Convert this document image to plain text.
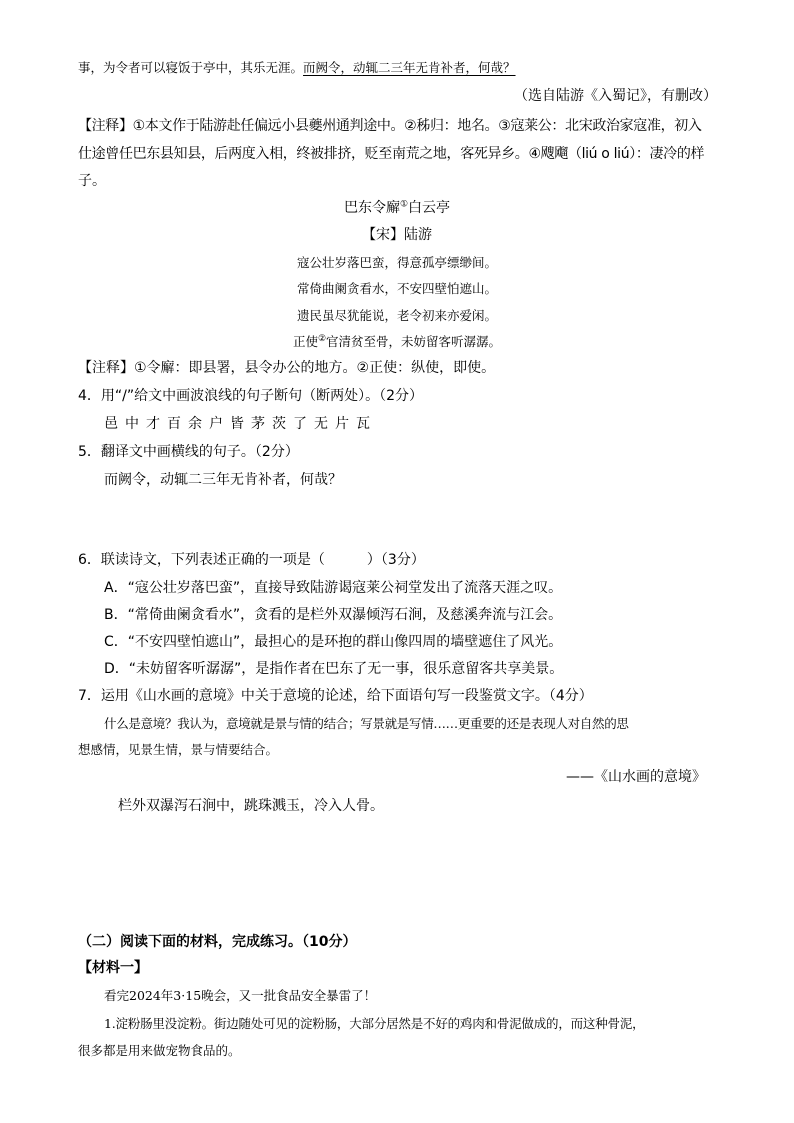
事，为令者可以寝饭于亭中，其乐无涯。而阙令，动辄二三年无肯补者，何哉？
（选自陆游《入蜀记》，有删改）
【注释】①本文作于陆游赴任偏远小县夔州通判途中。②秭归：地名。③寇莱公：北宋政治家寇准，初入
仕途曾任巴东县知县，后两度入相，终被排挤，贬至南荒之地，客死异乡。④飕飗（liú o liú）：凄冷的样
子。
巴东令廨①白云亭
【宋】陆游
寇公壮岁落巴蛮，得意孤亭缥缈间。
常倚曲阑贪看水，不安四壁怕遮山。
遗民虽尽犹能说，老令初来亦爱闲。
正使②官清贫至骨，未妨留客听潺潺。
【注释】①令廨：即县署，县令办公的地方。②正使：纵使，即使。
4．用“/”给文中画波浪线的句子断句（断两处）。（2分）
邑中才百余户皆茅茨了无片瓦
5．翻译文中画横线的句子。（2分）
而阙令，动辄二三年无肯补者，何哉？
6．联读诗文，下列表述正确的一项是（　　　）（3分）
A．“寇公壮岁落巴蛮”，直接导致陆游谒寇莱公祠堂发出了流落天涯之叹。
B．“常倚曲阑贪看水”，贪看的是栏外双瀑倾泻石涧，及慈溪奔流与江会。
C．“不安四壁怕遮山”，最担心的是环抱的群山像四周的墙壁遮住了风光。
D．“未妨留客听潺潺”，是指作者在巴东了无一事，很乐意留客共享美景。
7．运用《山水画的意境》中关于意境的论述，给下面语句写一段鉴赏文字。（4分）
什么是意境？我认为，意境就是景与情的结合；写景就是写情……更重要的还是表现人对自然的思
想感情，见景生情，景与情要结合。
——《山水画的意境》
栏外双瀑泻石涧中，跳珠溅玉，冷入人骨。
（二）阅读下面的材料，完成练习。（10分）
【材料一】
看完2024年3·15晚会，又一批食品安全暴雷了！
1.淀粉肠里没淀粉。街边随处可见的淀粉肠，大部分居然是不好的鸡肉和骨泥做成的，而这种骨泥，
很多都是用来做宠物食品的。
